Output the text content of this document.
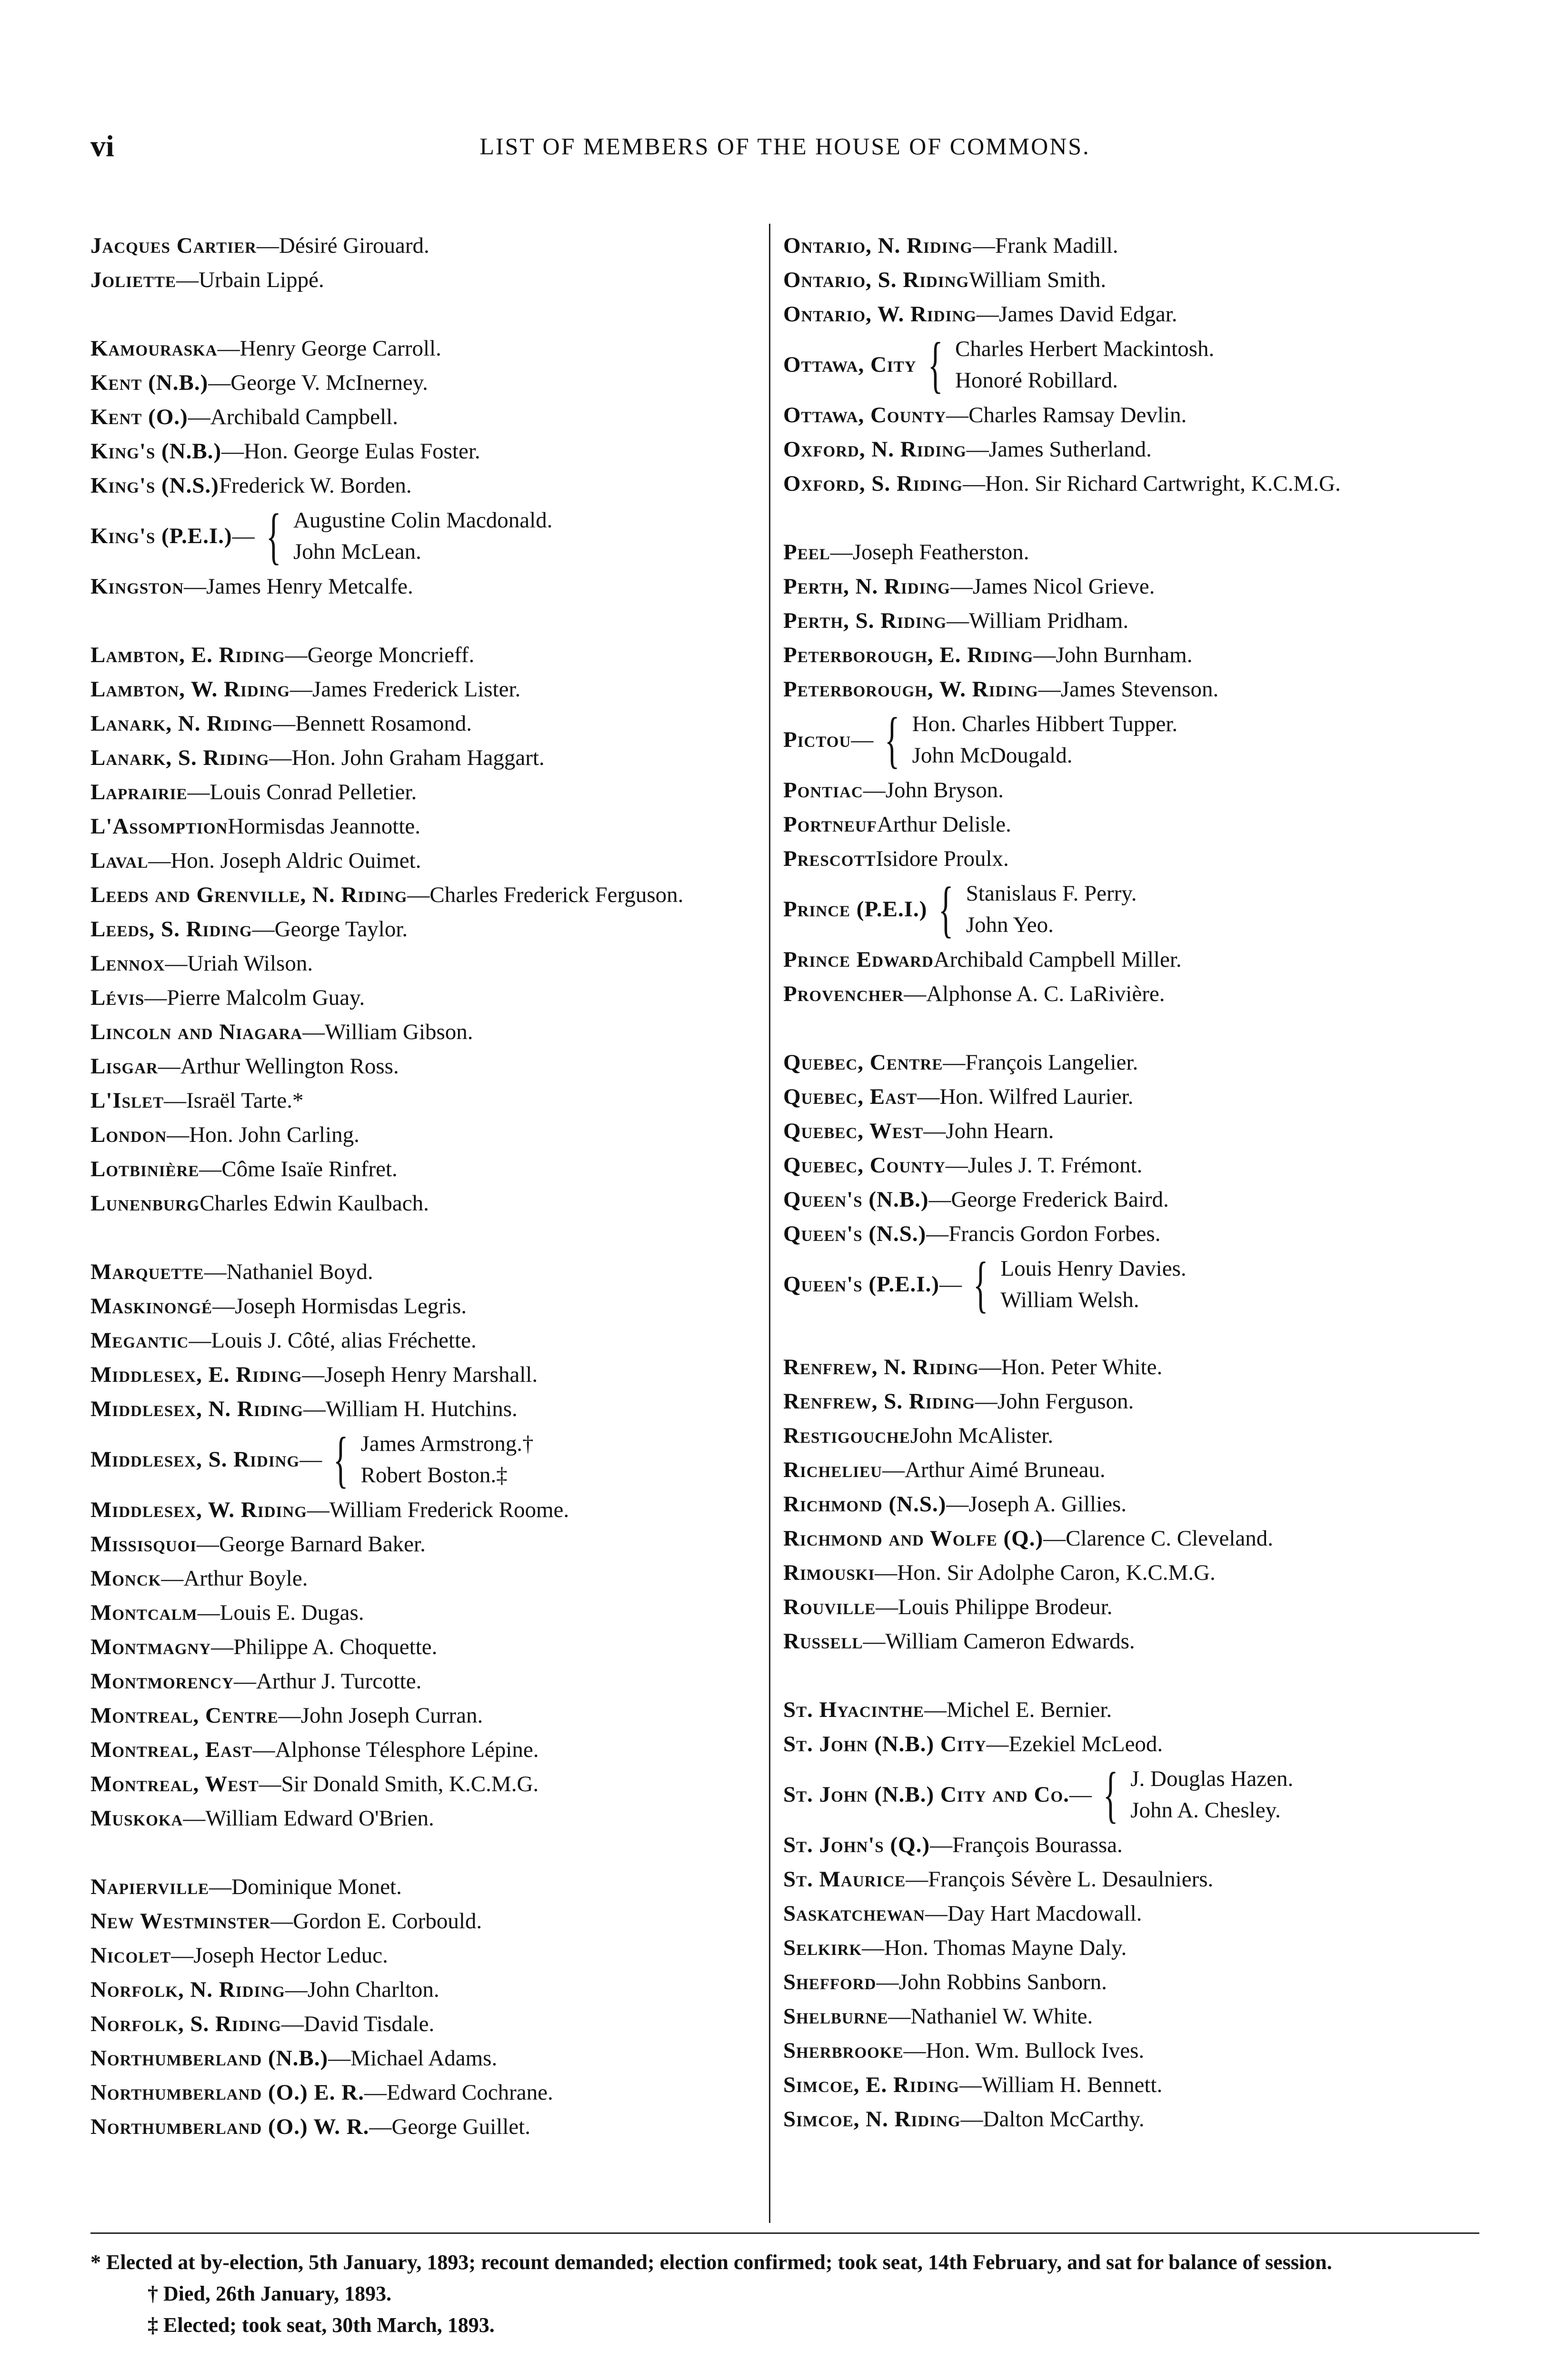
vi	LIST OF MEMBERS OF THE HOUSE OF COMMONS.
Jacques Cartier—Désiré Girouard.
Joliette—Urbain Lippé.
Kamouraska—Henry George Carroll.
Kent (N.B.)—George V. McInerney.
Kent (O.)—Archibald Campbell.
King's (N.B.)—Hon. George Eulas Foster.
King's (N.S.)Frederick W. Borden.
King's (P.E.I.)— { Augustine Colin Macdonald.
John McLean.
Kingston—James Henry Metcalfe.
Lambton, E. Riding—George Moncrieff.
Lambton, W. Riding—James Frederick Lister.
Lanark, N. Riding—Bennett Rosamond.
Lanark, S. Riding—Hon. John Graham Haggart.
Laprairie—Louis Conrad Pelletier.
L'AssomptionHormisdas Jeannotte.
Laval—Hon. Joseph Aldric Ouimet.
Leeds and Grenville, N. Riding—Charles Frederick Ferguson.
Leeds, S. Riding—George Taylor.
Lennox—Uriah Wilson.
Lévis—Pierre Malcolm Guay.
Lincoln and Niagara—William Gibson.
Lisgar—Arthur Wellington Ross.
L'Islet—Israël Tarte.*
London—Hon. John Carling.
Lotbinière—Côme Isaïe Rinfret.
LunenburgCharles Edwin Kaulbach.
Marquette—Nathaniel Boyd.
Maskinongé—Joseph Hormisdas Legris.
Megantic—Louis J. Côté, alias Fréchette.
Middlesex, E. Riding—Joseph Henry Marshall.
Middlesex, N. Riding—William H. Hutchins.
Middlesex, S. Riding— { James Armstrong.†
Robert Boston.‡
Middlesex, W. Riding—William Frederick Roome.
Missisquoi—George Barnard Baker.
Monck—Arthur Boyle.
Montcalm—Louis E. Dugas.
Montmagny—Philippe A. Choquette.
Montmorency—Arthur J. Turcotte.
Montreal, Centre—John Joseph Curran.
Montreal, East—Alphonse Télesphore Lépine.
Montreal, West—Sir Donald Smith, K.C.M.G.
Muskoka—William Edward O'Brien.
Napierville—Dominique Monet.
New Westminster—Gordon E. Corbould.
Nicolet—Joseph Hector Leduc.
Norfolk, N. Riding—John Charlton.
Norfolk, S. Riding—David Tisdale.
Northumberland (N.B.)—Michael Adams.
Northumberland (O.) E. R.—Edward Cochrane.
Northumberland (O.) W. R.—George Guillet.
Ontario, N. Riding—Frank Madill.
Ontario, S. RidingWilliam Smith.
Ontario, W. Riding—James David Edgar.
Ottawa, City { Charles Herbert Mackintosh.
Honoré Robillard.
Ottawa, County—Charles Ramsay Devlin.
Oxford, N. Riding—James Sutherland.
Oxford, S. Riding—Hon. Sir Richard Cartwright, K.C.M.G.
Peel—Joseph Featherston.
Perth, N. Riding—James Nicol Grieve.
Perth, S. Riding—William Pridham.
Peterborough, E. Riding—John Burnham.
Peterborough, W. Riding—James Stevenson.
Pictou— { Hon. Charles Hibbert Tupper.
John McDougald.
Pontiac—John Bryson.
PortneufArthur Delisle.
PrescottIsidore Proulx.
Prince (P.E.I.) { Stanislaus F. Perry.
John Yeo.
Prince EdwardArchibald Campbell Miller.
Provencher—Alphonse A. C. LaRivière.
Quebec, Centre—François Langelier.
Quebec, East—Hon. Wilfred Laurier.
Quebec, West—John Hearn.
Quebec, County—Jules J. T. Frémont.
Queen's (N.B.)—George Frederick Baird.
Queen's (N.S.)—Francis Gordon Forbes.
Queen's (P.E.I.)— { Louis Henry Davies.
William Welsh.
Renfrew, N. Riding—Hon. Peter White.
Renfrew, S. Riding—John Ferguson.
RestigoucheJohn McAlister.
Richelieu—Arthur Aimé Bruneau.
Richmond (N.S.)—Joseph A. Gillies.
Richmond and Wolfe (Q.)—Clarence C. Cleveland.
Rimouski—Hon. Sir Adolphe Caron, K.C.M.G.
Rouville—Louis Philippe Brodeur.
Russell—William Cameron Edwards.
St. Hyacinthe—Michel E. Bernier.
St. John (N.B.) City—Ezekiel McLeod.
St. John (N.B.) City and Co.— { J. Douglas Hazen.
John A. Chesley.
St. John's (Q.)—François Bourassa.
St. Maurice—François Sévère L. Desaulniers.
Saskatchewan—Day Hart Macdowall.
Selkirk—Hon. Thomas Mayne Daly.
Shefford—John Robbins Sanborn.
Shelburne—Nathaniel W. White.
Sherbrooke—Hon. Wm. Bullock Ives.
Simcoe, E. Riding—William H. Bennett.
Simcoe, N. Riding—Dalton McCarthy.

* Elected at by-election, 5th January, 1893; recount demanded; election confirmed; took seat, 14th February, and sat for balance of session.

† Died, 26th January, 1893.

‡ Elected; took seat, 30th March, 1893.
